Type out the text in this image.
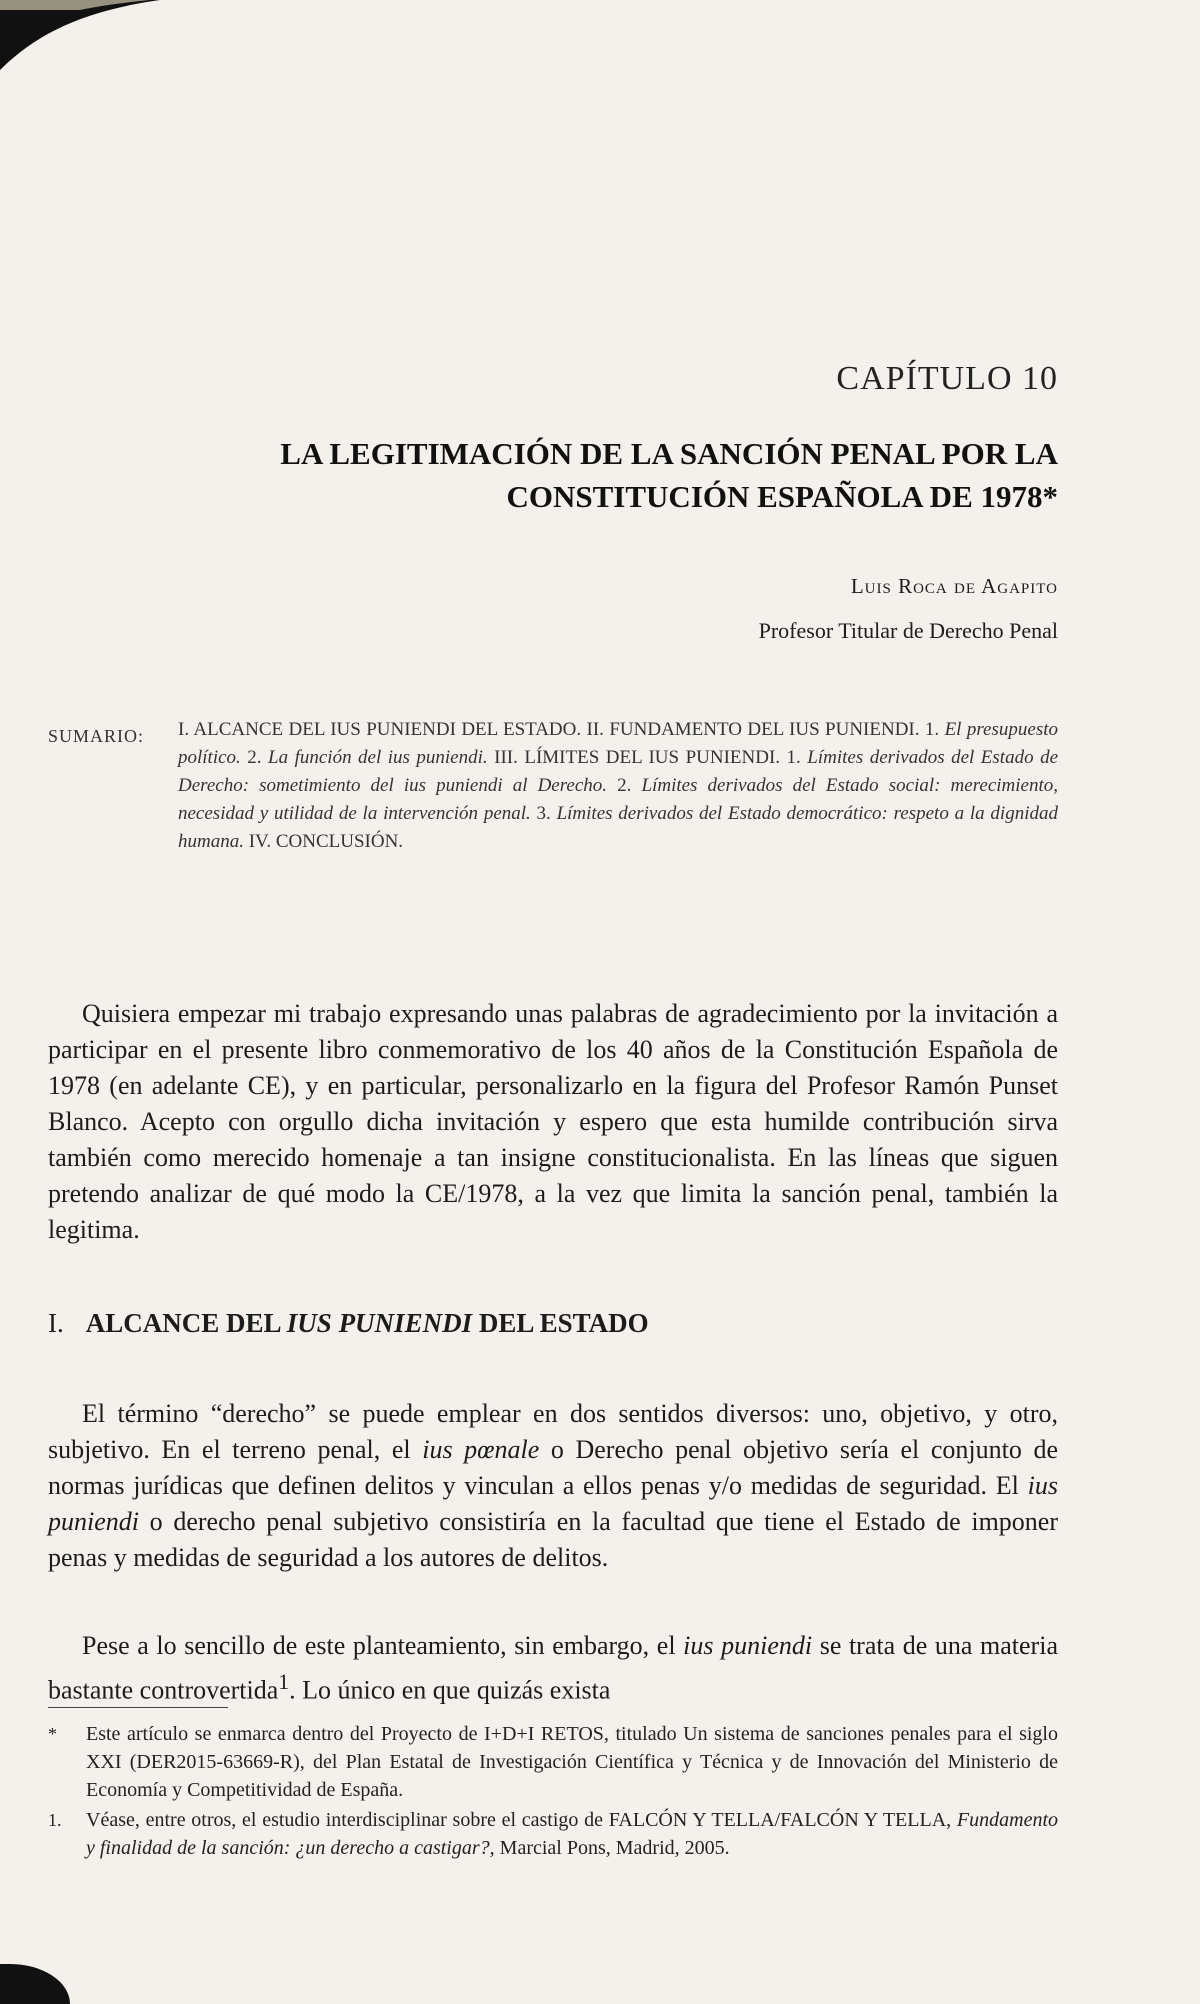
CAPÍTULO 10
LA LEGITIMACIÓN DE LA SANCIÓN PENAL POR LA
CONSTITUCIÓN ESPAÑOLA DE 1978*
Luis Roca de Agapito
Profesor Titular de Derecho Penal
SUMARIO: I. ALCANCE DEL IUS PUNIENDI DEL ESTADO. II. FUNDAMENTO DEL IUS PUNIENDI. 1. El presupuesto político. 2. La función del ius puniendi. III. LÍMITES DEL IUS PUNIENDI. 1. Límites derivados del Estado de Derecho: sometimiento del ius puniendi al Derecho. 2. Límites derivados del Estado social: merecimiento, necesidad y utilidad de la intervención penal. 3. Límites derivados del Estado democrático: respeto a la dignidad humana. IV. CONCLUSIÓN.

Quisiera empezar mi trabajo expresando unas palabras de agradecimiento por la invitación a participar en el presente libro conmemorativo de los 40 años de la Constitución Española de 1978 (en adelante CE), y en particular, personalizarlo en la figura del Profesor Ramón Punset Blanco. Acepto con orgullo dicha invitación y espero que esta humilde contribución sirva también como merecido homenaje a tan insigne constitucionalista. En las líneas que siguen pretendo analizar de qué modo la CE/1978, a la vez que limita la sanción penal, también la legitima.

I. ALCANCE DEL IUS PUNIENDI DEL ESTADO

El término “derecho” se puede emplear en dos sentidos diversos: uno, objetivo, y otro, subjetivo. En el terreno penal, el ius pœnale o Derecho penal objetivo sería el conjunto de normas jurídicas que definen delitos y vinculan a ellos penas y/o medidas de seguridad. El ius puniendi o derecho penal subjetivo consistiría en la facultad que tiene el Estado de imponer penas y medidas de seguridad a los autores de delitos.

Pese a lo sencillo de este planteamiento, sin embargo, el ius puniendi se trata de una materia bastante controvertida$^1$. Lo único en que quizás exista

*	Este artículo se enmarca dentro del Proyecto de I+D+I RETOS, titulado Un sistema de sanciones penales para el siglo XXI (DER2015-63669-R), del Plan Estatal de Investigación Científica y Técnica y de Innovación del Ministerio de Economía y Competitividad de España.
1.	Véase, entre otros, el estudio interdisciplinar sobre el castigo de FALCÓN Y TELLA/FALCÓN Y TELLA, Fundamento y finalidad de la sanción: ¿un derecho a castigar?, Marcial Pons, Madrid, 2005.
